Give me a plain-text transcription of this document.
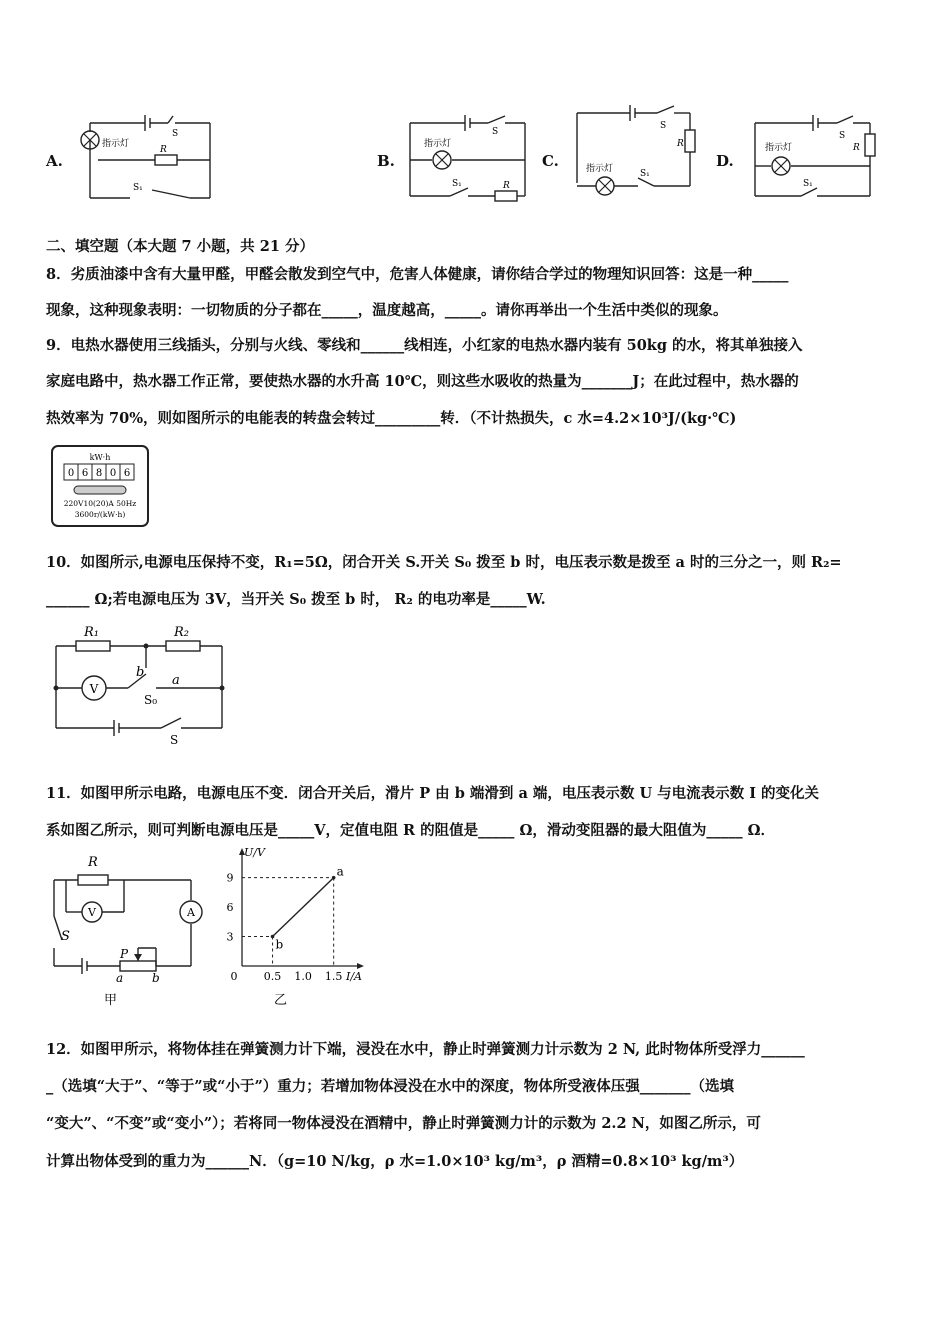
A.	B.	C.	D.
指示灯
R
S
S₁
指示灯
S
S₁	R
指示灯
S
R
S₁
指示灯
S
R
S₁
二、填空题（本大题 7 小题，共 21 分）
8．劣质油漆中含有大量甲醛，甲醛会散发到空气中，危害人体健康，请你结合学过的物理知识回答：这是一种_____
现象，这种现象表明：一切物质的分子都在_____，温度越高，_____。请你再举出一个生活中类似的现象。
9．电热水器使用三线插头，分别与火线、零线和______线相连，小红家的电热水器内装有 50kg 的水，将其单独接入
家庭电路中，热水器工作正常，要使热水器的水升高 10℃，则这些水吸收的热量为_______J；在此过程中，热水器的
热效率为 70%，则如图所示的电能表的转盘会转过_________转．（不计热损失，c 水=4.2×10³J/(kg·℃)
kW·h
0 6 8 0 6
220V10(20)A 50Hz
3600r/(kW·h)
10．如图所示,电源电压保持不变，R₁=5Ω，闭合开关 S.开关 S₀ 拨至 b 时，电压表示数是拨至 a 时的三分之一，则 R₂=
______ Ω;若电源电压为 3V，当开关 S₀ 拨至 b 时， R₂ 的电功率是_____W.
V
R₁	R₂
b
a
S₀
S
11．如图甲所示电路，电源电压不变．闭合开关后，滑片 P 由 b 端滑到 a 端，电压表示数 U 与电流表示数 I 的变化关
系如图乙所示，则可判断电源电压是_____V，定值电阻 R 的阻值是_____ Ω，滑动变阻器的最大阻值为_____ Ω．
V	A
R
S
P
a b
甲
0 0.5 1.0 1.5
3
6
9
b
a
I/A
U/V
乙
12．如图甲所示，将物体挂在弹簧测力计下端，浸没在水中，静止时弹簧测力计示数为 2 N, 此时物体所受浮力______
_（选填“大于”、“等于”或“小于”）重力；若增加物体浸没在水中的深度，物体所受液体压强_______（选填
“变大”、“不变”或“变小”）；若将同一物体浸没在酒精中，静止时弹簧测力计的示数为 2.2 N，如图乙所示，可
计算出物体受到的重力为______N．（g=10 N/kg，ρ 水=1.0×10³ kg/m³，ρ 酒精=0.8×10³ kg/m³）
